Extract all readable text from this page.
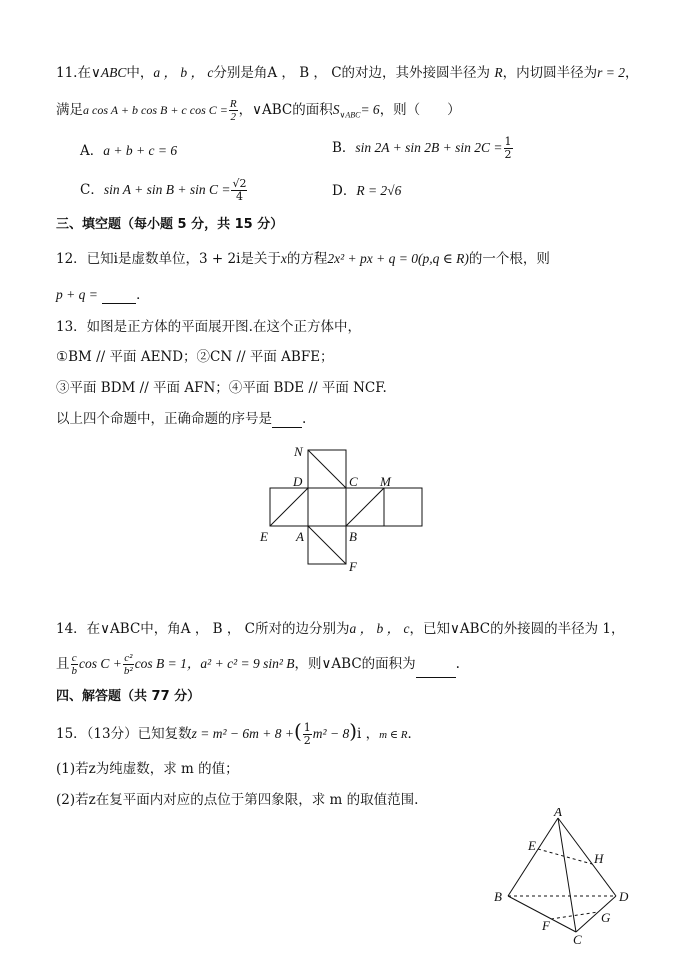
11.在∨ABC中，a ， b ， c分别是角A ， B ， C的对边，其外接圆半径为 R，内切圆半径为r = 2，
满足a cos A + b cos B + c $\cos C = \frac{R}{2}$ ，∨ABC的面积$S_{\vee ABC}= 6$，则（　　）
A．a + b + c = 6	B．$\sin 2A + \sin 2B + \sin 2C = \frac{1}{2}$
C．$\sin A + \sin B + \sin C = \frac{√2}{4}$	D．R = 2√6
三、填空题（每小题 5 分，共 15 分）
12．已知i是虚数单位，3 + 2i是关于x的方程2x² + px + q = 0(p,q ∈ R)的一个根，则
p + q =	．
13．如图是正方体的平面展开图.在这个正方体中，
①BM // 平面 AEND；②CN // 平面 ABFE；
③平面 BDM // 平面 AFN；④平面 BDE // 平面 NCF.
以上四个命题中，正确命题的序号是 .
N
D	C M
E A	B
F
14．在∨ABC中，角A ， B ， C所对的边分别为a ， b ， c，已知∨ABC的外接圆的半径为 1，
且 $\frac{c}{b}$ $\cos C + \frac{\text{c²}}{\text{b²}}$ cos B = 1，a² + c² = 9 sin² B，则∨ABC的面积为	.
四、解答题（共 77 分）
15．（13分）已知复数z = m² − 6m + 8 +( $\frac{1}{2} m^2 - 8)i$ ，m ∈ R．
(1)若z为纯虚数，求 m 的值；
(2)若z在复平面内对应的点位于第四象限，求 m 的取值范围.
A
E
H
B	D
G
F
C
